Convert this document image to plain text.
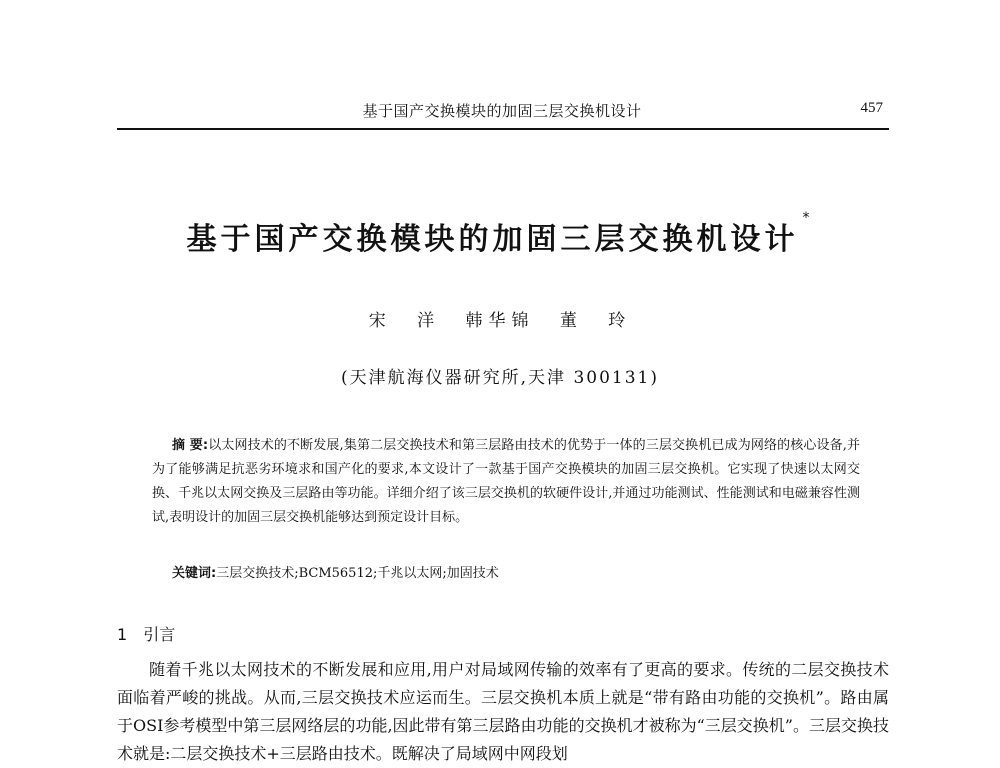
基于国产交换模块的加固三层交换机设计	457
基于国产交换模块的加固三层交换机设计*
宋 洋 韩华锦 董 玲
(天津航海仪器研究所,天津 300131)

摘 要:以太网技术的不断发展,集第二层交换技术和第三层路由技术的优势于一体的三层交换机已成为网络的核心设备,并为了能够满足抗恶劣环境求和国产化的要求,本文设计了一款基于国产交换模块的加固三层交换机。它实现了快速以太网交换、千兆以太网交换及三层路由等功能。详细介绍了该三层交换机的软硬件设计,并通过功能测试、性能测试和电磁兼容性测试,表明设计的加固三层交换机能够达到预定设计目标。

关键词:三层交换技术;BCM56512;千兆以太网;加固技术
1 引言

随着千兆以太网技术的不断发展和应用,用户对局域网传输的效率有了更高的要求。传统的二层交换技术面临着严峻的挑战。从而,三层交换技术应运而生。三层交换机本质上就是“带有路由功能的交换机”。路由属于OSI参考模型中第三层网络层的功能,因此带有第三层路由功能的交换机才被称为“三层交换机”。三层交换技术就是:二层交换技术+三层路由技术。既解决了局域网中网段划
